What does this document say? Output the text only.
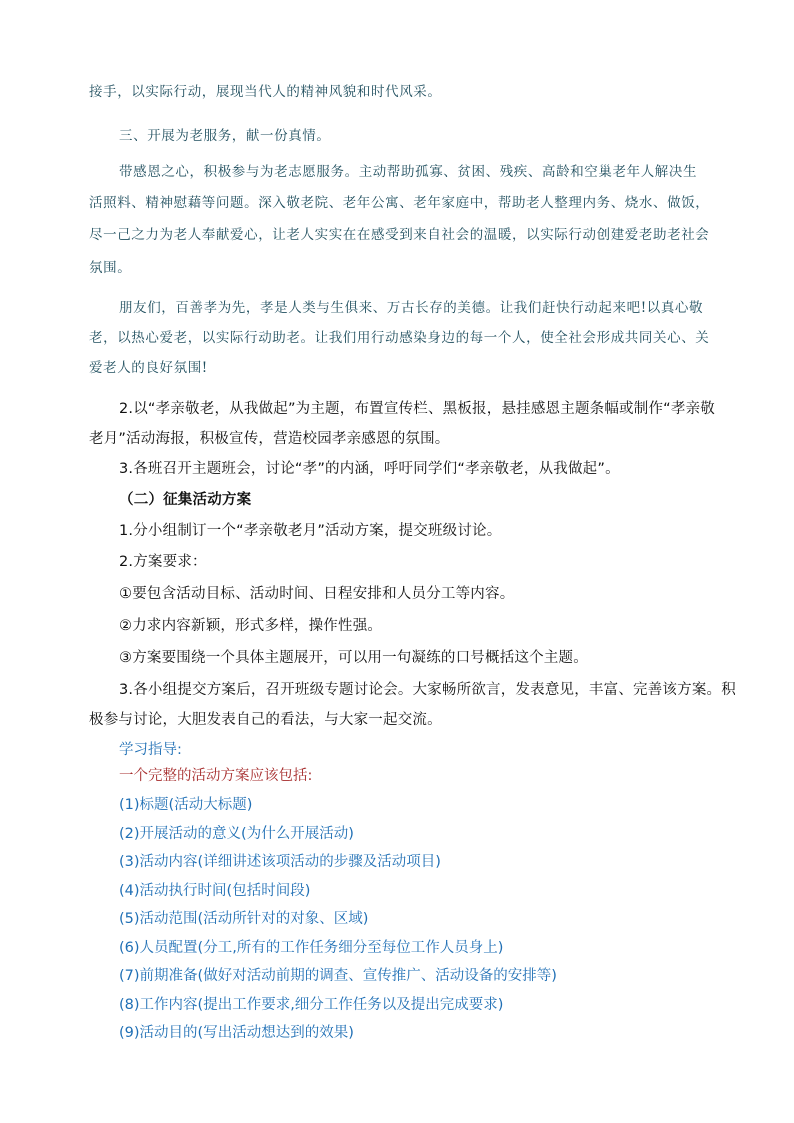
接手，以实际行动，展现当代人的精神风貌和时代风采。
三、开展为老服务，献一份真情。
带感恩之心，积极参与为老志愿服务。主动帮助孤寡、贫困、残疾、高龄和空巢老年人解决生
活照料、精神慰藉等问题。深入敬老院、老年公寓、老年家庭中，帮助老人整理内务、烧水、做饭，
尽一己之力为老人奉献爱心，让老人实实在在感受到来自社会的温暖，以实际行动创建爱老助老社会
氛围。
朋友们，百善孝为先，孝是人类与生俱来、万古长存的美德。让我们赶快行动起来吧!以真心敬
老，以热心爱老，以实际行动助老。让我们用行动感染身边的每一个人，使全社会形成共同关心、关
爱老人的良好氛围!
2.以“孝亲敬老，从我做起”为主题，布置宣传栏、黑板报，悬挂感恩主题条幅或制作“孝亲敬
老月”活动海报，积极宣传，营造校园孝亲感恩的氛围。
3.各班召开主题班会，讨论“孝”的内涵，呼吁同学们“孝亲敬老，从我做起”。
（二）征集活动方案
1.分小组制订一个“孝亲敬老月”活动方案，提交班级讨论。
2.方案要求：
①要包含活动目标、活动时间、日程安排和人员分工等内容。
②力求内容新颖，形式多样，操作性强。
③方案要围绕一个具体主题展开，可以用一句凝练的口号概括这个主题。
3.各小组提交方案后，召开班级专题讨论会。大家畅所欲言，发表意见，丰富、完善该方案。积
极参与讨论，大胆发表自己的看法，与大家一起交流。
学习指导:
一个完整的活动方案应该包括:
(1)标题(活动大标题)
(2)开展活动的意义(为什么开展活动)
(3)活动内容(详细讲述该项活动的步骤及活动项目)
(4)活动执行时间(包括时间段)
(5)活动范围(活动所针对的对象、区域)
(6)人员配置(分工,所有的工作任务细分至每位工作人员身上)
(7)前期准备(做好对活动前期的调查、宣传推广、活动设备的安排等)
(8)工作内容(提出工作要求,细分工作任务以及提出完成要求)
(9)活动目的(写出活动想达到的效果)
